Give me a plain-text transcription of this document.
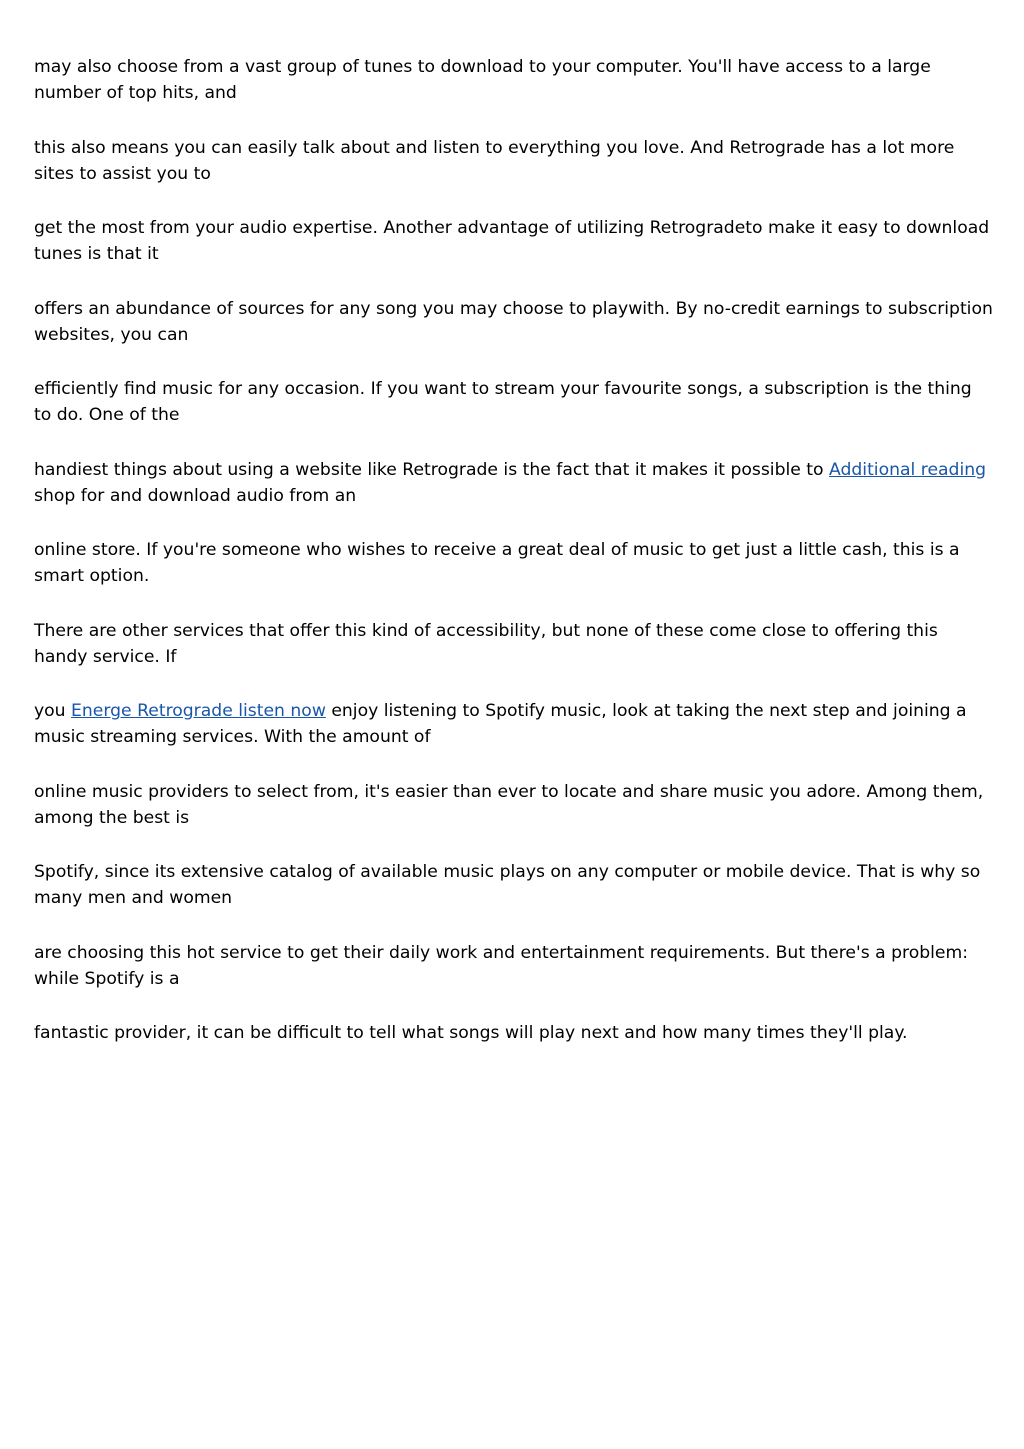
may also choose from a vast group of tunes to download to your computer. You'll have access to a large number of top hits, and

this also means you can easily talk about and listen to everything you love. And Retrograde has a lot more sites to assist you to

get the most from your audio expertise. Another advantage of utilizing Retrogradeto make it easy to download tunes is that it

offers an abundance of sources for any song you may choose to playwith. By no-credit earnings to subscription websites, you can

efficiently find music for any occasion. If you want to stream your favourite songs, a subscription is the thing to do. One of the

handiest things about using a website like Retrograde is the fact that it makes it possible to Additional reading shop for and download audio from an

online store. If you're someone who wishes to receive a great deal of music to get just a little cash, this is a smart option.

There are other services that offer this kind of accessibility, but none of these come close to offering this handy service. If

you Energe Retrograde listen now enjoy listening to Spotify music, look at taking the next step and joining a music streaming services. With the amount of

online music providers to select from, it's easier than ever to locate and share music you adore. Among them, among the best is

Spotify, since its extensive catalog of available music plays on any computer or mobile device. That is why so many men and women

are choosing this hot service to get their daily work and entertainment requirements. But there's a problem: while Spotify is a

fantastic provider, it can be difficult to tell what songs will play next and how many times they'll play.
